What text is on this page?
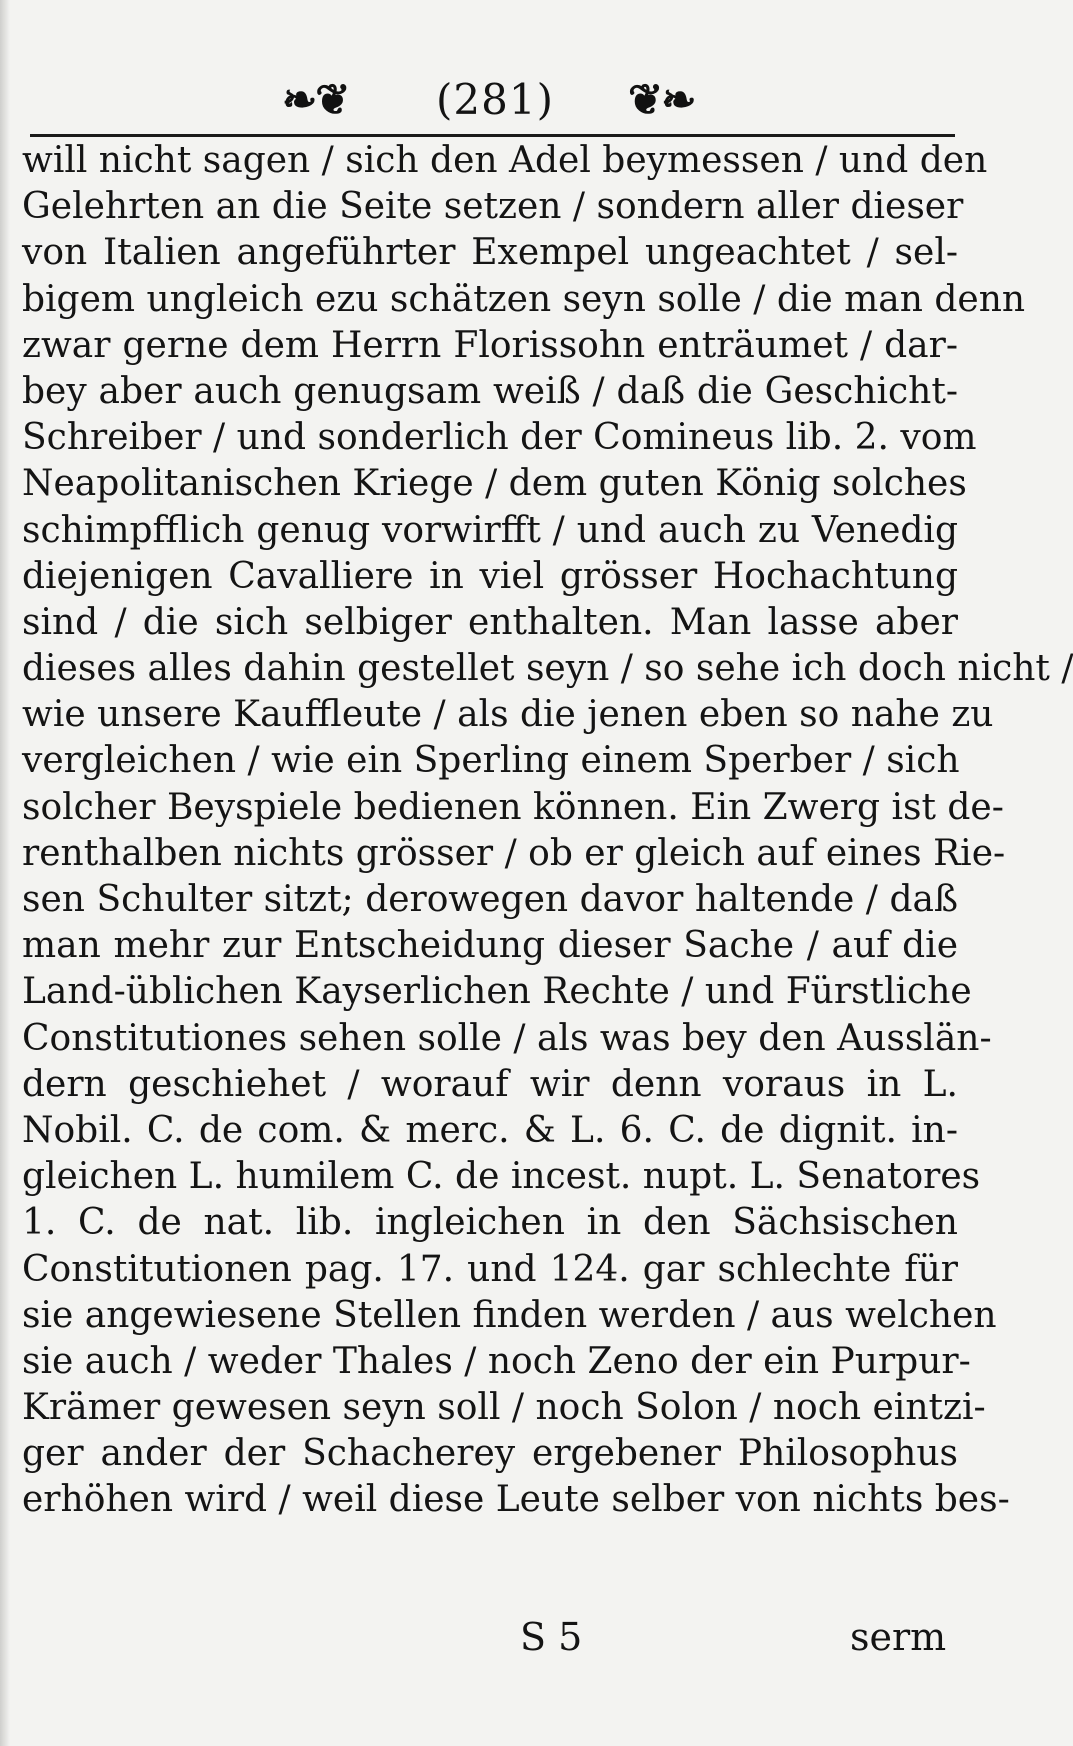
❧❦ (281) ❦❧
will nicht sagen / sich den Adel beymessen / und den
Gelehrten an die Seite setzen / sondern aller dieser
von Italien angeführter Exempel ungeachtet / sel-
bigem ungleich ezu schätzen seyn solle / die man denn
zwar gerne dem Herrn Florissohn enträumet / dar-
bey aber auch genugsam weiß / daß die Geschicht-
Schreiber / und sonderlich der Comineus lib. 2. vom
Neapolitanischen Kriege / dem guten König solches
schimpfflich genug vorwirfft / und auch zu Venedig
diejenigen Cavalliere in viel grösser Hochachtung
sind / die sich selbiger enthalten. Man lasse aber
dieses alles dahin gestellet seyn / so sehe ich doch nicht /
wie unsere Kauffleute / als die jenen eben so nahe zu
vergleichen / wie ein Sperling einem Sperber / sich
solcher Beyspiele bedienen können. Ein Zwerg ist de-
renthalben nichts grösser / ob er gleich auf eines Rie-
sen Schulter sitzt; derowegen davor haltende / daß
man mehr zur Entscheidung dieser Sache / auf die
Land-üblichen Kayserlichen Rechte / und Fürstliche
Constitutiones sehen solle / als was bey den Ausslän-
dern geschiehet / worauf wir denn voraus in L.
Nobil. C. de com. & merc. & L. 6. C. de dignit. in-
gleichen L. humilem C. de incest. nupt. L. Senatores
1. C. de nat. lib. ingleichen in den Sächsischen
Constitutionen pag. 17. und 124. gar schlechte für
sie angewiesene Stellen finden werden / aus welchen
sie auch / weder Thales / noch Zeno der ein Purpur-
Krämer gewesen seyn soll / noch Solon / noch eintzi-
ger ander der Schacherey ergebener Philosophus
erhöhen wird / weil diese Leute selber von nichts bes-
S 5	serm
